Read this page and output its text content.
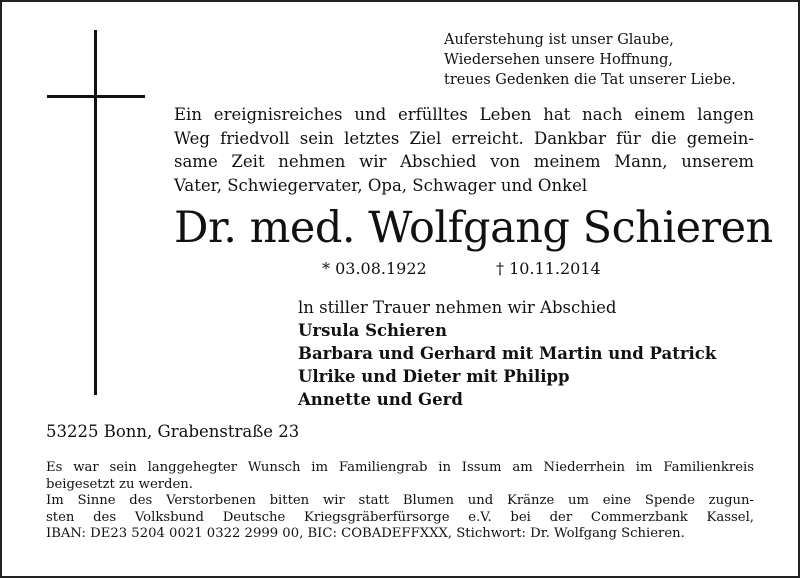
Auferstehung ist unser Glaube,
Wiedersehen unsere Hoffnung,
treues Gedenken die Tat unserer Liebe.
Ein ereignisreiches und erfülltes Leben hat nach einem langen
Weg friedvoll sein letztes Ziel erreicht. Dankbar für die gemein-
same Zeit nehmen wir Abschied von meinem Mann, unserem
Vater, Schwiegervater, Opa, Schwager und Onkel
Dr. med. Wolfgang Schieren
* 03.08.1922	† 10.11.2014
ln stiller Trauer nehmen wir Abschied
Ursula Schieren
Barbara und Gerhard mit Martin und Patrick
Ulrike und Dieter mit Philipp
Annette und Gerd
53225 Bonn, Grabenstraße 23
Es war sein langgehegter Wunsch im Familiengrab in Issum am Niederrhein im Familienkreis
beigesetzt zu werden.
Im Sinne des Verstorbenen bitten wir statt Blumen und Kränze um eine Spende zugun-
sten des Volksbund Deutsche Kriegsgräberfürsorge e.V. bei der Commerzbank Kassel,
IBAN: DE23 5204 0021 0322 2999 00, BIC: COBADEFFXXX, Stichwort: Dr. Wolfgang Schieren.
